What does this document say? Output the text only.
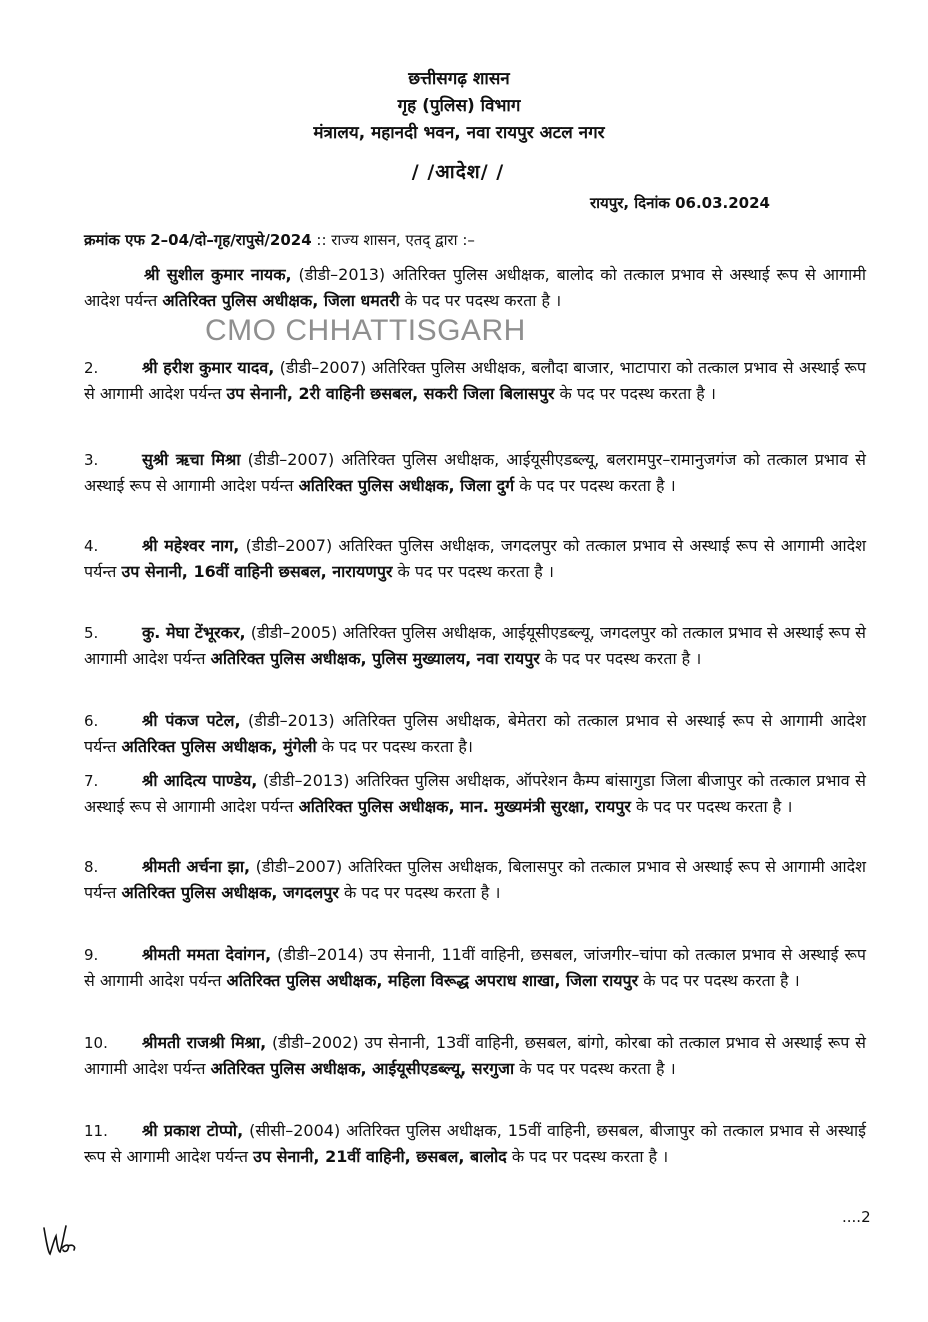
छत्तीसगढ़ शासन
गृह (पुलिस) विभाग
मंत्रालय, महानदी भवन, नवा रायपुर अटल नगर
/ /आदेश/ /
रायपुर, दिनांक 06.03.2024
क्रमांक एफ 2–04/दो–गृह/रापुसे/2024 :: राज्य शासन, एतद् द्वारा :–
CMO CHHATTISGARH
श्री सुशील कुमार नायक, (डीडी–2013) अतिरिक्त पुलिस अधीक्षक, बालोद को तत्काल प्रभाव से अस्थाई रूप से आगामी आदेश पर्यन्त अतिरिक्त पुलिस अधीक्षक, जिला धमतरी के पद पर पदस्थ करता है ।
2.	श्री हरीश कुमार यादव, (डीडी–2007) अतिरिक्त पुलिस अधीक्षक, बलौदा बाजार, भाटापारा को तत्काल प्रभाव से अस्थाई रूप से आगामी आदेश पर्यन्त उप सेनानी, 2री वाहिनी छसबल, सकरी जिला बिलासपुर के पद पर पदस्थ करता है ।
3.	सुश्री ऋचा मिश्रा (डीडी–2007) अतिरिक्त पुलिस अधीक्षक, आईयूसीएडब्ल्यू, बलरामपुर–रामानुजगंज को तत्काल प्रभाव से अस्थाई रूप से आगामी आदेश पर्यन्त अतिरिक्त पुलिस अधीक्षक, जिला दुर्ग के पद पर पदस्थ करता है ।
4.	श्री महेश्वर नाग, (डीडी–2007) अतिरिक्त पुलिस अधीक्षक, जगदलपुर को तत्काल प्रभाव से अस्थाई रूप से आगामी आदेश पर्यन्त उप सेनानी, 16वीं वाहिनी छसबल, नारायणपुर के पद पर पदस्थ करता है ।
5.	कु. मेघा टेंभूरकर, (डीडी–2005) अतिरिक्त पुलिस अधीक्षक, आईयूसीएडब्ल्यू, जगदलपुर को तत्काल प्रभाव से अस्थाई रूप से आगामी आदेश पर्यन्त अतिरिक्त पुलिस अधीक्षक, पुलिस मुख्यालय, नवा रायपुर के पद पर पदस्थ करता है ।
6.	श्री पंकज पटेल, (डीडी–2013) अतिरिक्त पुलिस अधीक्षक, बेमेतरा को तत्काल प्रभाव से अस्थाई रूप से आगामी आदेश पर्यन्त अतिरिक्त पुलिस अधीक्षक, मुंगेली के पद पर पदस्थ करता है।
7.	श्री आदित्य पाण्डेय, (डीडी–2013) अतिरिक्त पुलिस अधीक्षक, ऑपरेशन कैम्प बांसागुडा जिला बीजापुर को तत्काल प्रभाव से अस्थाई रूप से आगामी आदेश पर्यन्त अतिरिक्त पुलिस अधीक्षक, मान. मुख्यमंत्री सुरक्षा, रायपुर के पद पर पदस्थ करता है ।
8.	श्रीमती अर्चना झा, (डीडी–2007) अतिरिक्त पुलिस अधीक्षक, बिलासपुर को तत्काल प्रभाव से अस्थाई रूप से आगामी आदेश पर्यन्त अतिरिक्त पुलिस अधीक्षक, जगदलपुर के पद पर पदस्थ करता है ।
9.	श्रीमती ममता देवांगन, (डीडी–2014) उप सेनानी, 11वीं वाहिनी, छसबल, जांजगीर–चांपा को तत्काल प्रभाव से अस्थाई रूप से आगामी आदेश पर्यन्त अतिरिक्त पुलिस अधीक्षक, महिला विरूद्ध अपराध शाखा, जिला रायपुर के पद पर पदस्थ करता है ।
10. श्रीमती राजश्री मिश्रा, (डीडी–2002) उप सेनानी, 13वीं वाहिनी, छसबल, बांगो, कोरबा को तत्काल प्रभाव से अस्थाई रूप से आगामी आदेश पर्यन्त अतिरिक्त पुलिस अधीक्षक, आईयूसीएडब्ल्यू, सरगुजा के पद पर पदस्थ करता है ।
11. श्री प्रकाश टोप्पो, (सीसी–2004) अतिरिक्त पुलिस अधीक्षक, 15वीं वाहिनी, छसबल, बीजापुर को तत्काल प्रभाव से अस्थाई रूप से आगामी आदेश पर्यन्त उप सेनानी, 21वीं वाहिनी, छसबल, बालोद के पद पर पदस्थ करता है ।
....2
